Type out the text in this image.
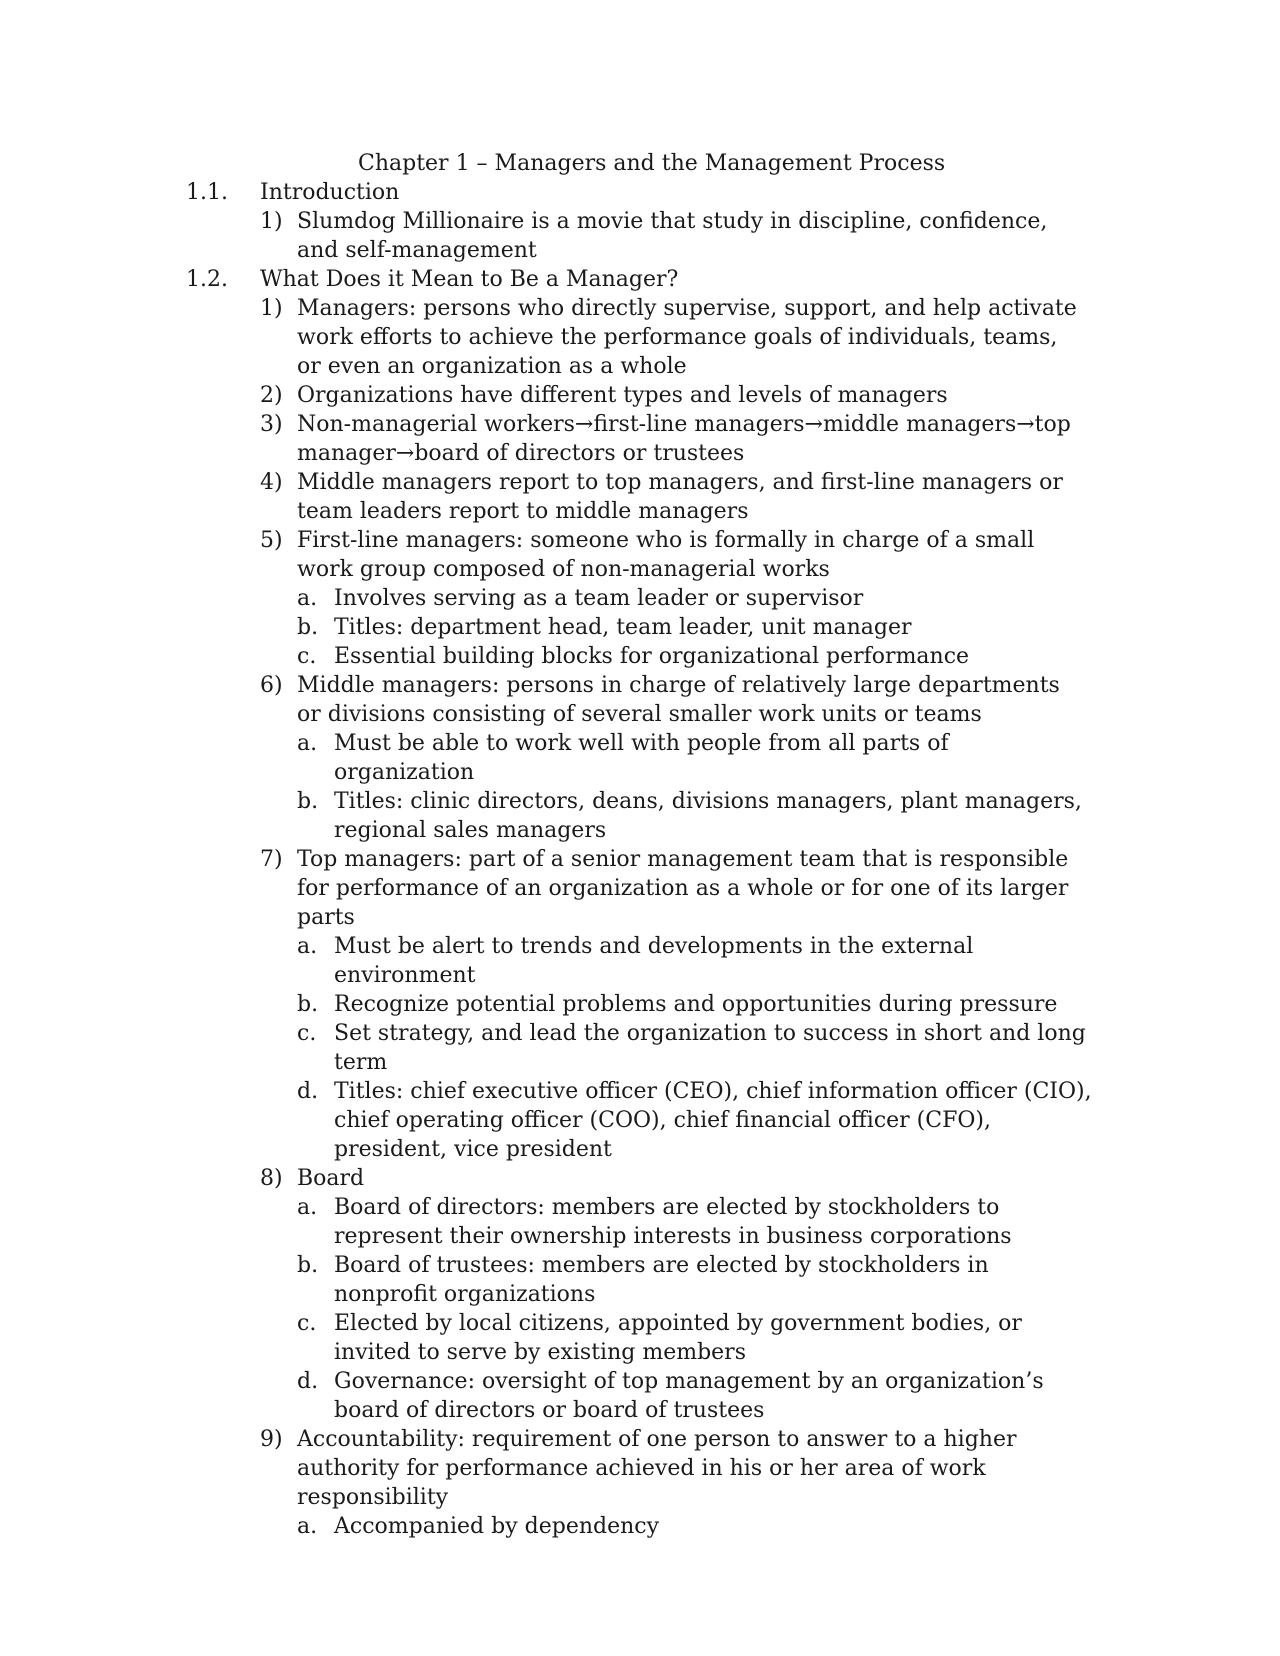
Chapter 1 – Managers and the Management Process
1.1. Introduction
1) Slumdog Millionaire is a movie that study in discipline, confidence, and self-management
1.2. What Does it Mean to Be a Manager?
1) Managers: persons who directly supervise, support, and help activate work efforts to achieve the performance goals of individuals, teams, or even an organization as a whole
2) Organizations have different types and levels of managers
3) Non-managerial workers→first-line managers→middle managers→top manager→board of directors or trustees
4) Middle managers report to top managers, and first-line managers or team leaders report to middle managers
5) First-line managers: someone who is formally in charge of a small work group composed of non-managerial works
a. Involves serving as a team leader or supervisor
b. Titles: department head, team leader, unit manager
c. Essential building blocks for organizational performance
6) Middle managers: persons in charge of relatively large departments or divisions consisting of several smaller work units or teams
a. Must be able to work well with people from all parts of organization
b. Titles: clinic directors, deans, divisions managers, plant managers, regional sales managers
7) Top managers: part of a senior management team that is responsible for performance of an organization as a whole or for one of its larger parts
a. Must be alert to trends and developments in the external environment
b. Recognize potential problems and opportunities during pressure
c. Set strategy, and lead the organization to success in short and long term
d. Titles: chief executive officer (CEO), chief information officer (CIO), chief operating officer (COO), chief financial officer (CFO), president, vice president
8) Board
a. Board of directors: members are elected by stockholders to represent their ownership interests in business corporations
b. Board of trustees: members are elected by stockholders in nonprofit organizations
c. Elected by local citizens, appointed by government bodies, or invited to serve by existing members
d. Governance: oversight of top management by an organization’s board of directors or board of trustees
9) Accountability: requirement of one person to answer to a higher authority for performance achieved in his or her area of work responsibility
a. Accompanied by dependency
